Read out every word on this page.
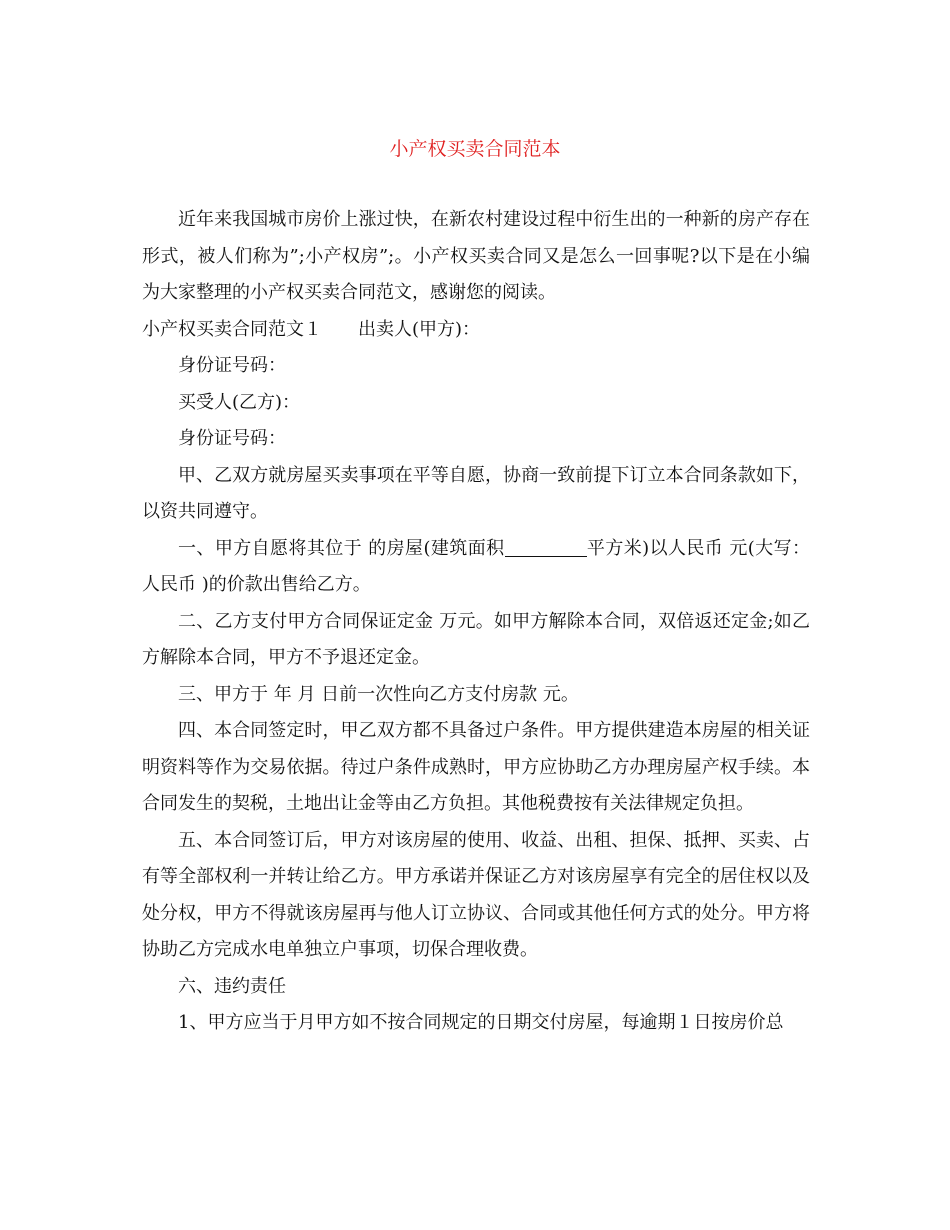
小产权买卖合同范本

近年来我国城市房价上涨过快，在新农村建设过程中衍生出的一种新的房产存在形式，被人们称为”;小产权房”;。小产权买卖合同又是怎么一回事呢?以下是在小编为大家整理的小产权买卖合同范文，感谢您的阅读。

小产权买卖合同范文１ 出卖人(甲方)：

身份证号码：

买受人(乙方)：

身份证号码：

甲、乙双方就房屋买卖事项在平等自愿，协商一致前提下订立本合同条款如下，以资共同遵守。

一、甲方自愿将其位于 的房屋(建筑面积	平方米)以人民币 元(大写：人民币 )的价款出售给乙方。

二、乙方支付甲方合同保证定金 万元。如甲方解除本合同，双倍返还定金;如乙方解除本合同，甲方不予退还定金。

三、甲方于 年 月 日前一次性向乙方支付房款 元。

四、本合同签定时，甲乙双方都不具备过户条件。甲方提供建造本房屋的相关证明资料等作为交易依据。待过户条件成熟时，甲方应协助乙方办理房屋产权手续。本合同发生的契税，土地出让金等由乙方负担。其他税费按有关法律规定负担。

五、本合同签订后，甲方对该房屋的使用、收益、出租、担保、抵押、买卖、占有等全部权利一并转让给乙方。甲方承诺并保证乙方对该房屋享有完全的居住权以及处分权，甲方不得就该房屋再与他人订立协议、合同或其他任何方式的处分。甲方将协助乙方完成水电单独立户事项，切保合理收费。

六、违约责任

1、甲方应当于月甲方如不按合同规定的日期交付房屋，每逾期１日按房价总
